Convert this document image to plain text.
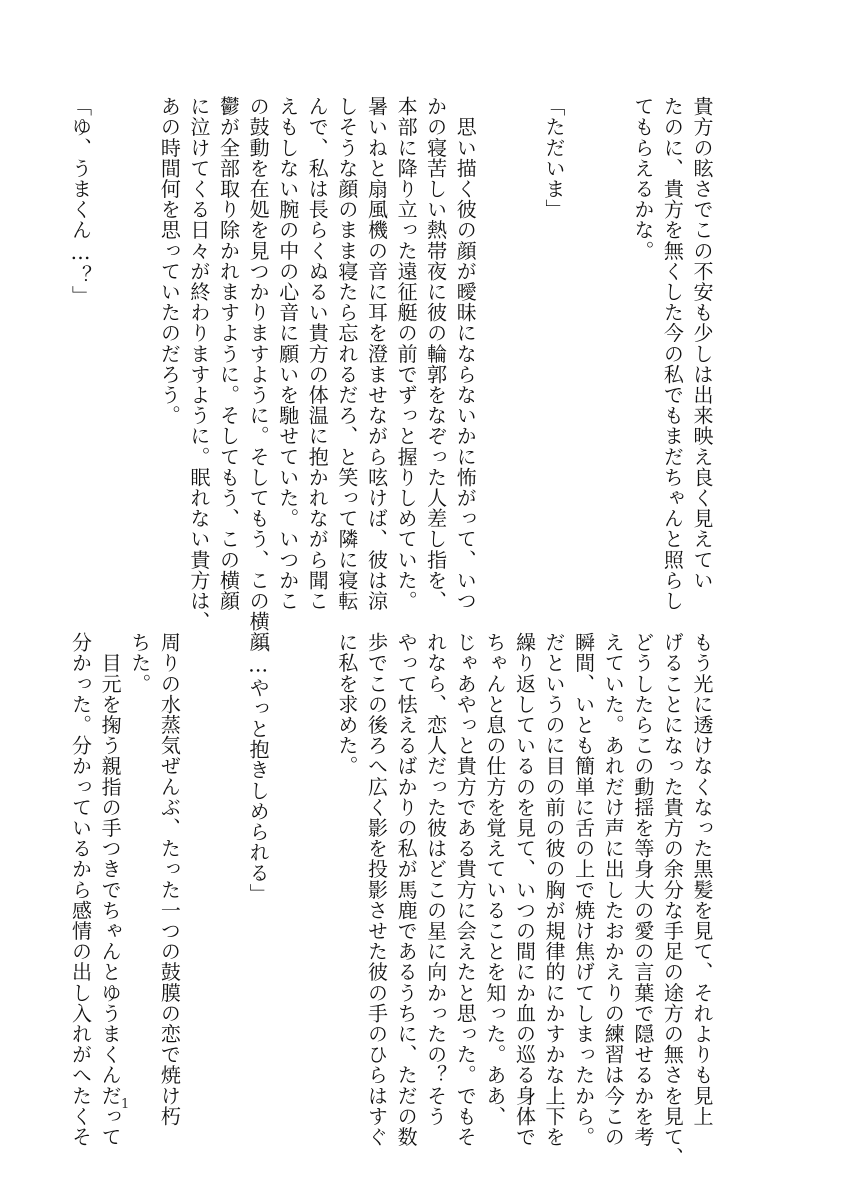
貴方の眩さでこの不安も少しは出来映え良く見えてい

たのに、貴方を無くした今の私でもまだちゃんと照らし

てもらえるかな。

「ただいま」

　思い描く彼の顔が曖昧にならないかに怖がって、いつ

かの寝苦しい熱帯夜に彼の輪郭をなぞった人差し指を、

本部に降り立った遠征艇の前でずっと握りしめていた。

暑いねと扇風機の音に耳を澄ませながら呟けば、彼は涼

しそうな顔のまま寝たら忘れるだろ、と笑って隣に寝転

んで、私は長らくぬるい貴方の体温に抱かれながら聞こ

えもしない腕の中の心音に願いを馳せていた。いつかこ

の鼓動を在処を見つかりますように。そしてもう、この横顔

鬱が全部取り除かれますように。そしてもう、この横顔

に泣けてくる日々が終わりますように。眠れない貴方は、

あの時間何を思っていたのだろう。

「ゆ、うまくん…？」

もう光に透けなくなった黒髪を見て、それよりも見上

げることになった貴方の余分な手足の途方の無さを見て、

どうしたらこの動揺を等身大の愛の言葉で隠せるかを考

えていた。あれだけ声に出したおかえりの練習は今この

瞬間、いとも簡単に舌の上で焼け焦げてしまったから。

だというのに目の前の彼の胸が規律的にかすかな上下を

繰り返しているのを見て、いつの間にか血の巡る身体で

ちゃんと息の仕方を覚えていることを知った。ああ、

じゃあやっと貴方である貴方に会えたと思った。でもそ

れなら、恋人だった彼はどこの星に向かったの？そう

やって怯えるばかりの私が馬鹿であるうちに、ただの数

歩でこの後ろへ広く影を投影させた彼の手のひらはすぐ

に私を求めた。

「…やっと抱きしめられる」

周りの水蒸気ぜんぶ、たった一つの鼓膜の恋で焼け朽

ちた。

　目元を掬う親指の手つきでちゃんとゆうまくんだって

分かった。分かっているから感情の出し入れがへたくそ 1
